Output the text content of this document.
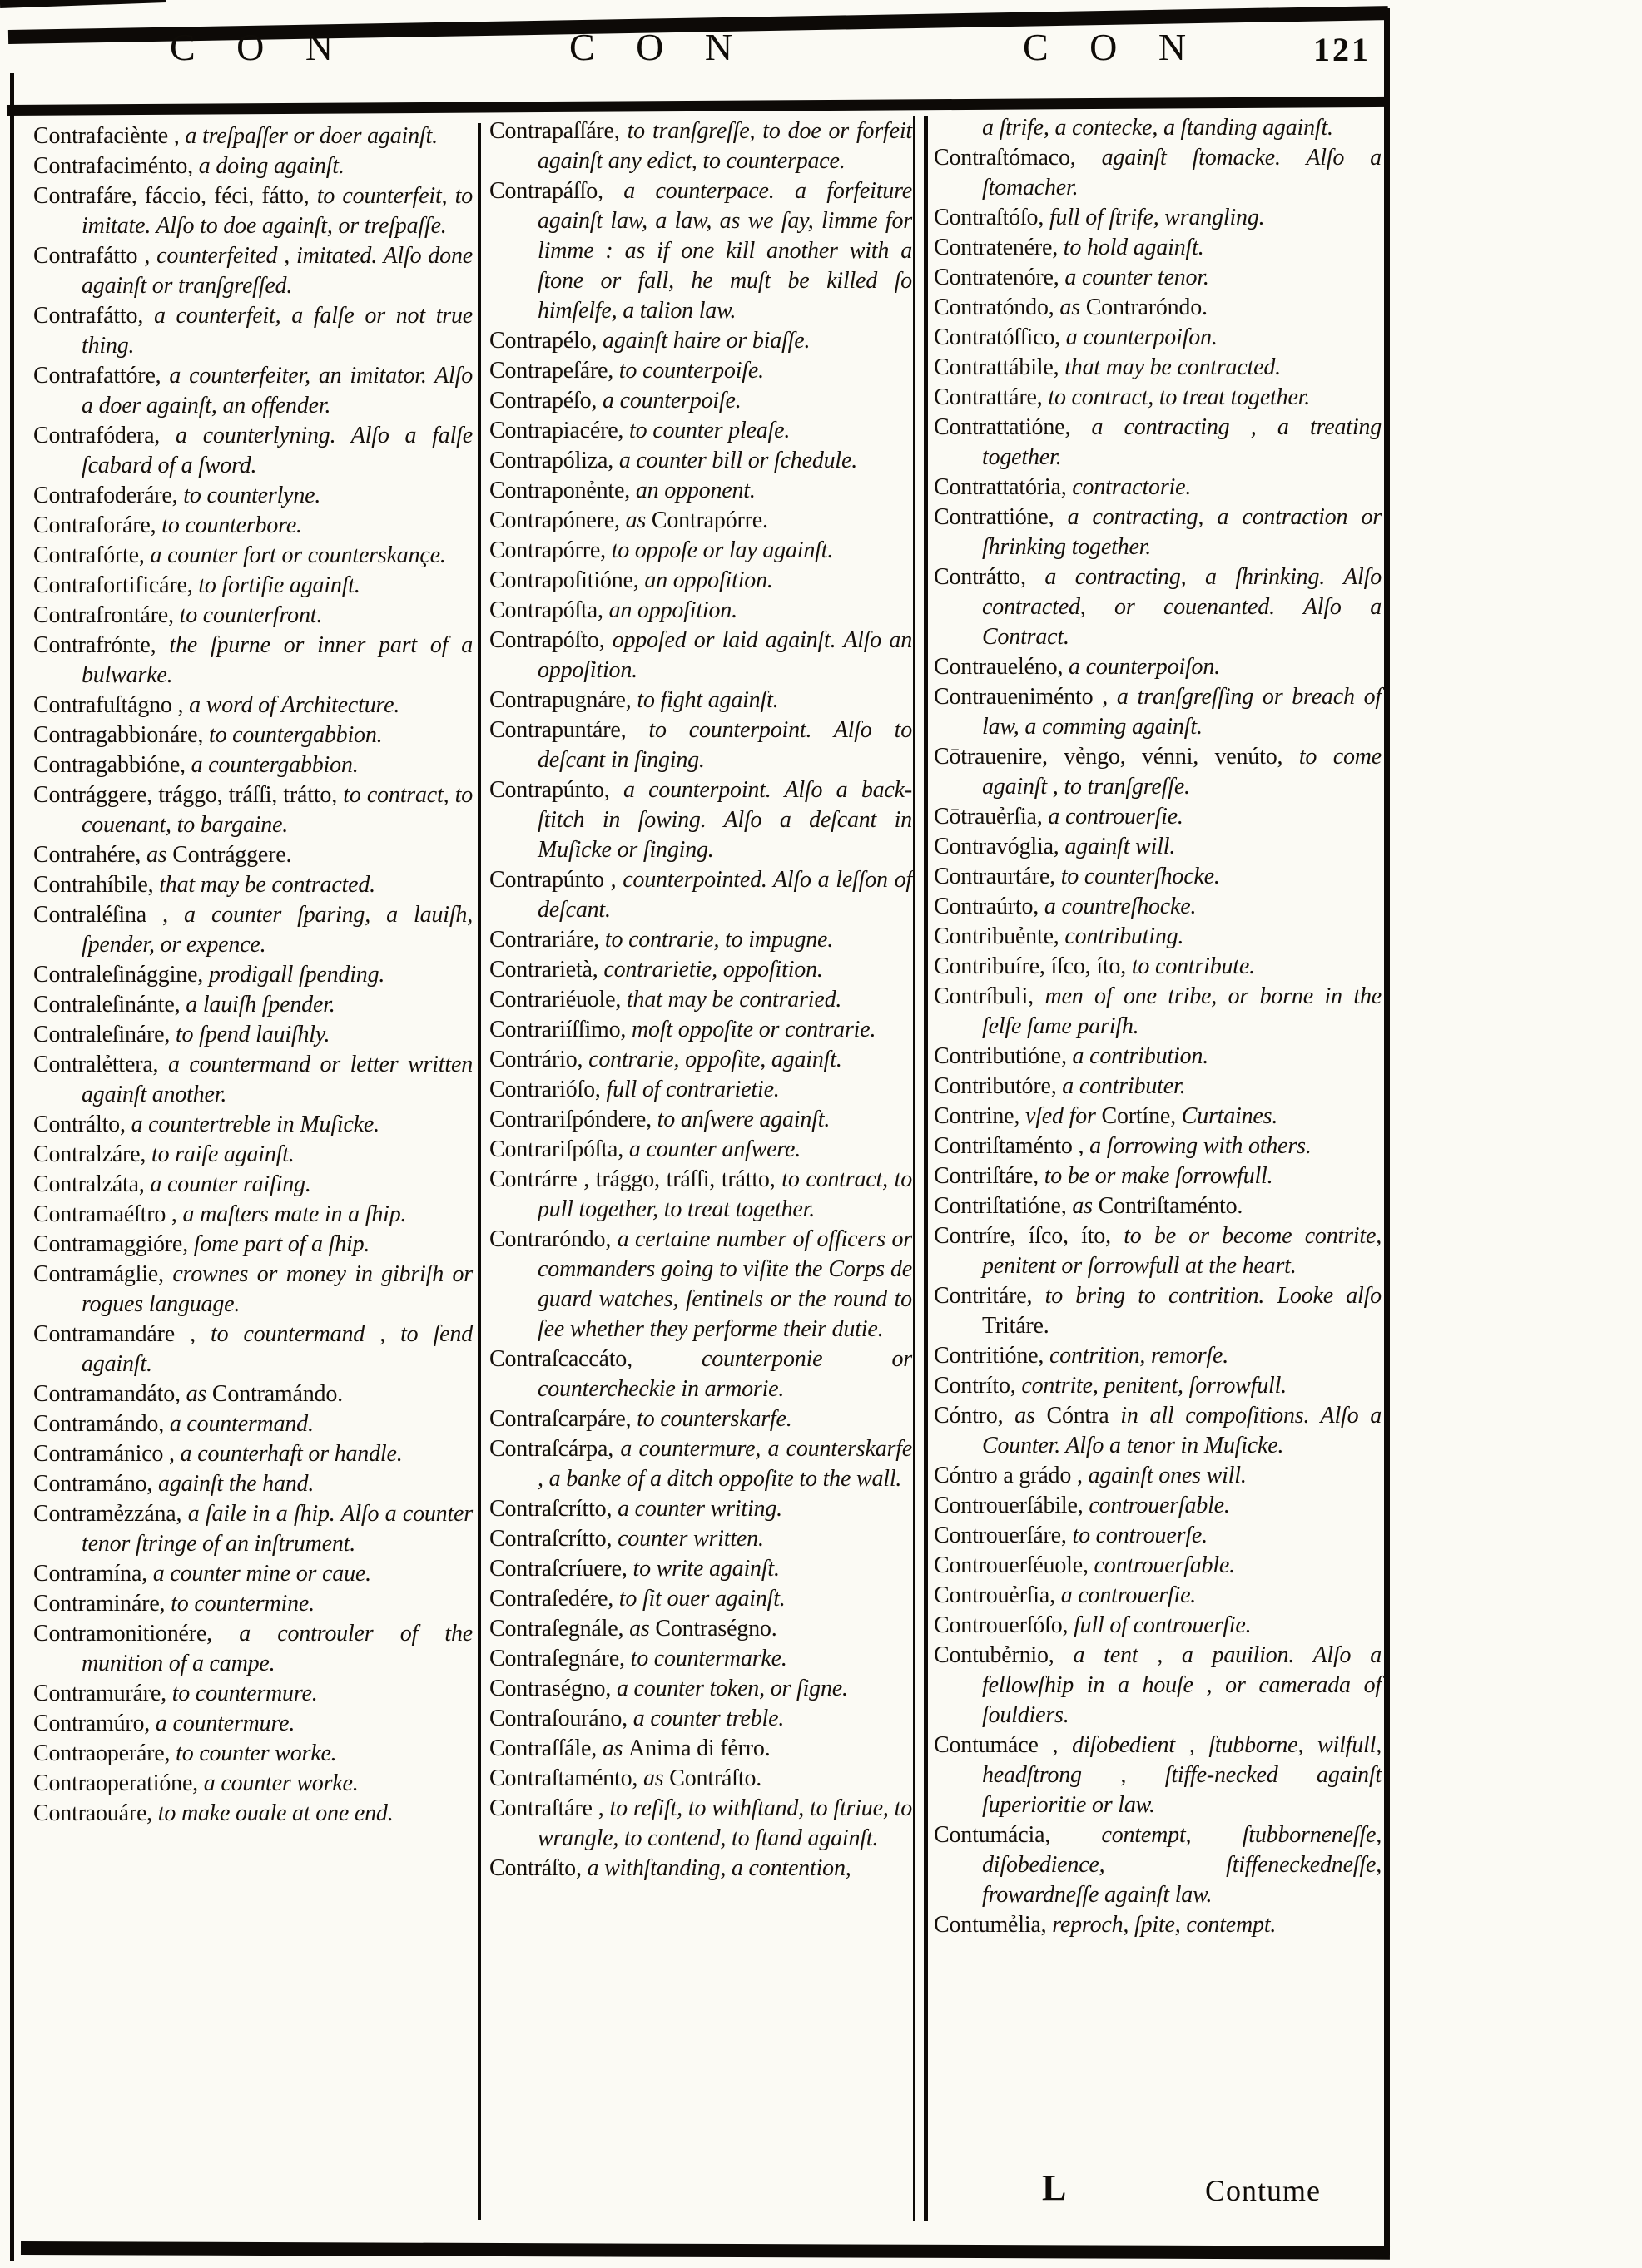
C O N	C O N	C O N	121
Contrafaciènte , a treſpaſſer or doer againſt.
Contrafaciménto, a doing againſt.
Contrafáre, fáccio, féci, fátto, to counterfeit, to imitate. Alſo to doe againſt, or treſpaſſe.
Contrafátto , counterfeited , imitated. Alſo done againſt or tranſgreſſed.
Contrafátto, a counterfeit, a falſe or not true thing.
Contrafattóre, a counterfeiter, an imitator. Alſo a doer againſt, an offender.
Contrafódera, a counterlyning. Alſo a falſe ſcabard of a ſword.
Contrafoderáre, to counterlyne.
Contraforáre, to counterbore.
Contrafórte, a counter fort or counterskançe.
Contrafortificáre, to fortifie againſt.
Contrafrontáre, to counterfront.
Contrafrónte, the ſpurne or inner part of a bulwarke.
Contrafuſtágno , a word of Architecture.
Contragabbionáre, to countergabbion.
Contragabbióne, a countergabbion.
Contrággere, trággo, tráſſi, trátto, to contract, to couenant, to bargaine.
Contrahére, as Contrággere.
Contrahíbile, that may be contracted.
Contraléſina , a counter ſparing, a lauiſh, ſpender, or expence.
Contraleſinággine, prodigall ſpending.
Contraleſinánte, a lauiſh ſpender.
Contraleſináre, to ſpend lauiſhly.
Contralẻttera, a countermand or letter written againſt another.
Contrálto, a countertreble in Muſicke.
Contralzáre, to raiſe againſt.
Contralzáta, a counter raiſing.
Contramaéſtro , a maſters mate in a ſhip.
Contramaggióre, ſome part of a ſhip.
Contramáglie, crownes or money in gibriſh or rogues language.
Contramandáre , to countermand , to ſend againſt.
Contramandáto, as Contramándo.
Contramándo, a countermand.
Contramánico , a counterhaft or handle.
Contramáno, againſt the hand.
Contramẻzzána, a ſaile in a ſhip. Alſo a counter tenor ſtringe of an inſtrument.
Contramína, a counter mine or caue.
Contramináre, to countermine.
Contramonitionére, a controuler of the munition of a campe.
Contramuráre, to countermure.
Contramúro, a countermure.
Contraoperáre, to counter worke.
Contraoperatióne, a counter worke.
Contraouáre, to make ouale at one end.
Contrapaſſáre, to tranſgreſſe, to doe or forfeit againſt any edict, to counterpace.
Contrapáſſo, a counterpace. a forfeiture againſt law, a law, as we ſay, limme for limme : as if one kill another with a ſtone or fall, he muſt be killed ſo himſelfe, a talion law.
Contrapélo, againſt haire or biaſſe.
Contrapeſáre, to counterpoiſe.
Contrapéſo, a counterpoiſe.
Contrapiacére, to counter pleaſe.
Contrapóliza, a counter bill or ſchedule.
Contraponẻnte, an opponent.
Contrapónere, as Contrapórre.
Contrapórre, to oppoſe or lay againſt.
Contrapoſitióne, an oppoſition.
Contrapóſta, an oppoſition.
Contrapóſto, oppoſed or laid againſt. Alſo an oppoſition.
Contrapugnáre, to fight againſt.
Contrapuntáre, to counterpoint. Alſo to deſcant in ſinging.
Contrapúnto, a counterpoint. Alſo a back-ſtitch in ſowing. Alſo a deſcant in Muſicke or ſinging.
Contrapúnto , counterpointed. Alſo a leſſon of deſcant.
Contrariáre, to contrarie, to impugne.
Contrarietà, contrarietie, oppoſition.
Contrariéuole, that may be contraried.
Contrariíſſimo, moſt oppoſite or contrarie.
Contrário, contrarie, oppoſite, againſt.
Contrarióſo, full of contrarietie.
Contrariſpóndere, to anſwere againſt.
Contrariſpóſta, a counter anſwere.
Contrárre , trággo, tráſſi, trátto, to contract, to pull together, to treat together.
Contraróndo, a certaine number of officers or commanders going to viſite the Corps de guard watches, ſentinels or the round to ſee whether they performe their dutie.
Contraſcaccáto, counterponie or countercheckie in armorie.
Contraſcarpáre, to counterskarfe.
Contraſcárpa, a countermure, a counterskarfe , a banke of a ditch oppoſite to the wall.
Contraſcrítto, a counter writing.
Contraſcrítto, counter written.
Contraſcríuere, to write againſt.
Contraſedére, to ſit ouer againſt.
Contraſegnále, as Contraségno.
Contraſegnáre, to countermarke.
Contraségno, a counter token, or ſigne.
Contraſouráno, a counter treble.
Contraſſále, as Anima di fẻrro.
Contraſtaménto, as Contráſto.
Contraſtáre , to reſiſt, to withſtand, to ſtriue, to wrangle, to contend, to ſtand againſt.
Contráſto, a withſtanding, a contention,
a ſtrife, a contecke, a ſtanding againſt.
Contraſtómaco, againſt ſtomacke. Alſo a ſtomacher.
Contraſtóſo, full of ſtrife, wrangling.
Contratenére, to hold againſt.
Contratenóre, a counter tenor.
Contratóndo, as Contraróndo.
Contratóſſico, a counterpoiſon.
Contrattábile, that may be contracted.
Contrattáre, to contract, to treat together.
Contrattatióne, a contracting , a treating together.
Contrattatória, contractorie.
Contrattióne, a contracting, a contraction or ſhrinking together.
Contrátto, a contracting, a ſhrinking. Alſo contracted, or couenanted. Alſo a Contract.
Contraueléno, a counterpoiſon.
Contraueniménto , a tranſgreſſing or breach of law, a comming againſt.
Cōtrauenire, vẻngo, vénni, venúto, to come againſt , to tranſgreſſe.
Cōtrauẻrſia, a controuerſie.
Contravóglia, againſt will.
Contraurtáre, to counterſhocke.
Contraúrto, a countreſhocke.
Contribuẻnte, contributing.
Contribuíre, íſco, íto, to contribute.
Contríbuli, men of one tribe, or borne in the ſelfe ſame pariſh.
Contributióne, a contribution.
Contributóre, a contributer.
Contrine, vſed for Cortíne, Curtaines.
Contriſtaménto , a ſorrowing with others.
Contriſtáre, to be or make ſorrowfull.
Contriſtatióne, as Contriſtaménto.
Contríre, íſco, íto, to be or become contrite, penitent or ſorrowfull at the heart.
Contritáre, to bring to contrition. Looke alſo Tritáre.
Contritióne, contrition, remorſe.
Contríto, contrite, penitent, ſorrowfull.
Cóntro, as Cóntra in all compoſitions. Alſo a Counter. Alſo a tenor in Muſicke.
Cóntro a grádo , againſt ones will.
Controuerſábile, controuerſable.
Controuerſáre, to controuerſe.
Controuerſéuole, controuerſable.
Controuẻrſia, a controuerſie.
Controuerſóſo, full of controuerſie.
Contubẻrnio, a tent , a pauilion. Alſo a fellowſhip in a houſe , or camerada of ſouldiers.
Contumáce , diſobedient , ſtubborne, wilfull, headſtrong , ſtiffe-necked againſt ſuperioritie or law.
Contumácia, contempt, ſtubborneneſſe, diſobedience, ſtiffeneckedneſſe, frowardneſſe againſt law.
Contumẻlia, reproch, ſpite, contempt.
L	Contume
